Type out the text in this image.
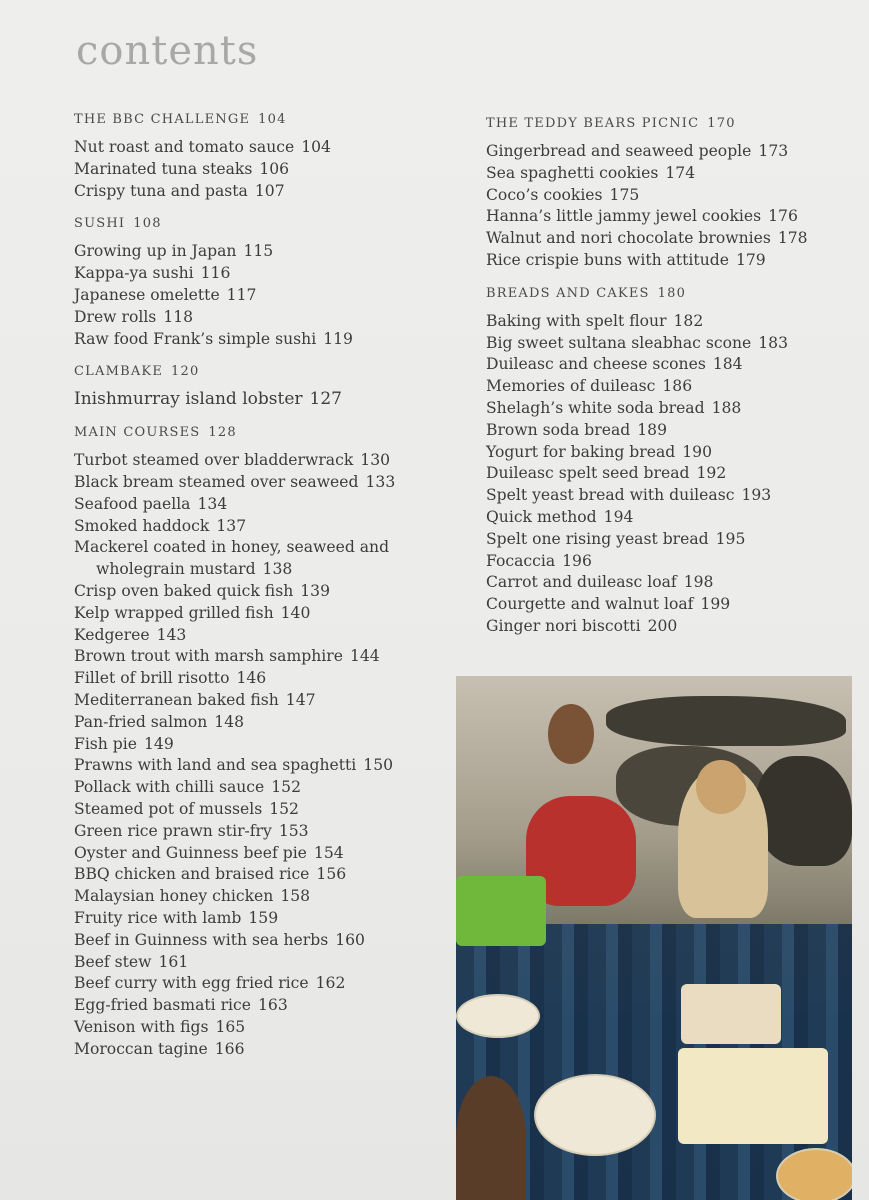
contents
THE BBC CHALLENGE 104
Nut roast and tomato sauce 104
Marinated tuna steaks 106
Crispy tuna and pasta 107
SUSHI 108
Growing up in Japan 115
Kappa-ya sushi 116
Japanese omelette 117
Drew rolls 118
Raw food Frank’s simple sushi 119
CLAMBAKE 120
Inishmurray island lobster 127
MAIN COURSES 128
Turbot steamed over bladderwrack 130
Black bream steamed over seaweed 133
Seafood paella 134
Smoked haddock 137
Mackerel coated in honey, seaweed and
wholegrain mustard 138
Crisp oven baked quick fish 139
Kelp wrapped grilled fish 140
Kedgeree 143
Brown trout with marsh samphire 144
Fillet of brill risotto 146
Mediterranean baked fish 147
Pan-fried salmon 148
Fish pie 149
Prawns with land and sea spaghetti 150
Pollack with chilli sauce 152
Steamed pot of mussels 152
Green rice prawn stir-fry 153
Oyster and Guinness beef pie 154
BBQ chicken and braised rice 156
Malaysian honey chicken 158
Fruity rice with lamb 159
Beef in Guinness with sea herbs 160
Beef stew 161
Beef curry with egg fried rice 162
Egg-fried basmati rice 163
Venison with figs 165
Moroccan tagine 166
THE TEDDY BEARS PICNIC 170
Gingerbread and seaweed people 173
Sea spaghetti cookies 174
Coco’s cookies 175
Hanna’s little jammy jewel cookies 176
Walnut and nori chocolate brownies 178
Rice crispie buns with attitude 179
BREADS AND CAKES 180
Baking with spelt flour 182
Big sweet sultana sleabhac scone 183
Duileasc and cheese scones 184
Memories of duileasc 186
Shelagh’s white soda bread 188
Brown soda bread 189
Yogurt for baking bread 190
Duileasc spelt seed bread 192
Spelt yeast bread with duileasc 193
Quick method 194
Spelt one rising yeast bread 195
Focaccia 196
Carrot and duileasc loaf 198
Courgette and walnut loaf 199
Ginger nori biscotti 200
